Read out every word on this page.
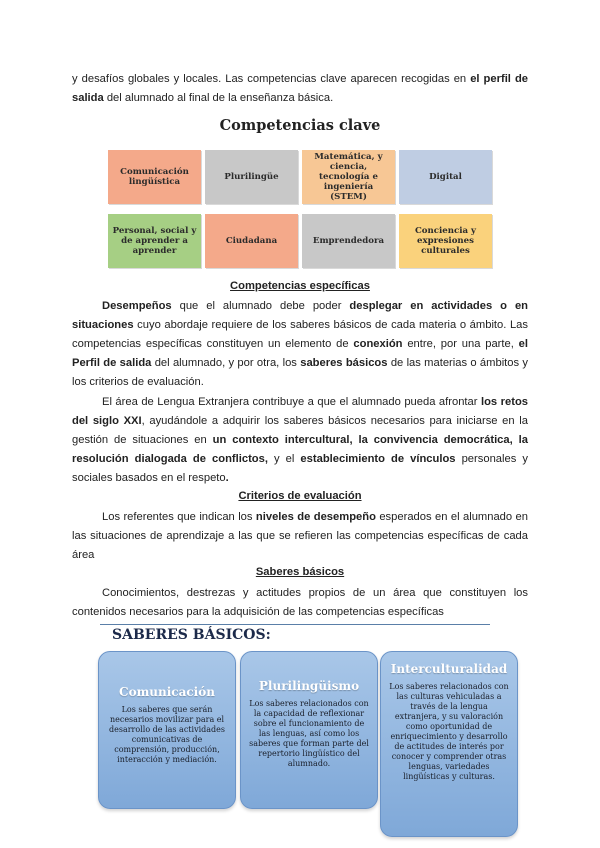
y desafíos globales y locales. Las competencias clave aparecen recogidas en el perfil de salida del alumnado al final de la enseñanza básica.

Competencias clave
Comunicación lingüística	Plurilingüe
Matemática, y ciencia, tecnología e ingeniería (STEM)
Digital
Personal, social y de aprender a aprender
Ciudadana	Emprendedora
Conciencia y expresiones culturales

Competencias específicas

Desempeños que el alumnado debe poder desplegar en actividades o en situaciones cuyo abordaje requiere de los saberes básicos de cada materia o ámbito. Las competencias específicas constituyen un elemento de conexión entre, por una parte, el Perfil de salida del alumnado, y por otra, los saberes básicos de las materias o ámbitos y los criterios de evaluación.

El área de Lengua Extranjera contribuye a que el alumnado pueda afrontar los retos del siglo XXI, ayudándole a adquirir los saberes básicos necesarios para iniciarse en la gestión de situaciones en un contexto intercultural, la convivencia democrática, la resolución dialogada de conflictos, y el establecimiento de vínculos personales y sociales basados en el respeto.

Criterios de evaluación

Los referentes que indican los niveles de desempeño esperados en el alumnado en las situaciones de aprendizaje a las que se refieren las competencias específicas de cada área

Saberes básicos

Conocimientos, destrezas y actitudes propios de un área que constituyen los contenidos necesarios para la adquisición de las competencias específicas

SABERES BÁSICOS:

Comunicación

Los saberes que serán necesarios movilizar para el desarrollo de las actividades comunicativas de comprensión, producción, interacción y mediación.

Plurilingüismo

Los saberes relacionados con la capacidad de reflexionar sobre el funcionamiento de las lenguas, así como los saberes que forman parte del repertorio lingüístico del alumnado.

Interculturalidad

Los saberes relacionados con las culturas vehiculadas a través de la lengua extranjera, y su valoración como oportunidad de enriquecimiento y desarrollo de actitudes de interés por conocer y comprender otras lenguas, variedades lingüísticas y culturas.
